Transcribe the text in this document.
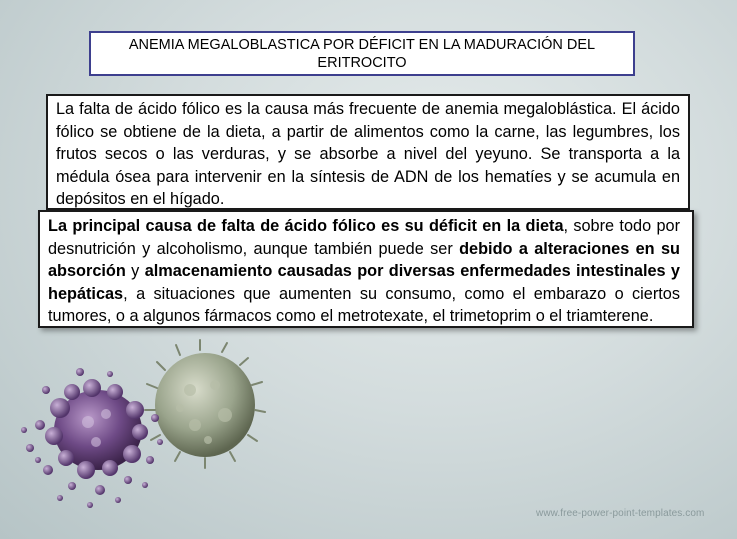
ANEMIA MEGALOBLASTICA POR DÉFICIT EN LA MADURACIÓN DEL ERITROCITO
La falta de ácido fólico es la causa más frecuente de anemia megaloblástica. El ácido fólico se obtiene de la dieta, a partir de alimentos como la carne, las legumbres, los frutos secos o las verduras, y se absorbe a nivel del yeyuno. Se transporta a la médula ósea para intervenir en la síntesis de ADN de los hematíes y se acumula en depósitos en el hígado.
La principal causa de falta de ácido fólico es su déficit en la dieta, sobre todo por desnutrición y alcoholismo, aunque también puede ser debido a alteraciones en su absorción y almacenamiento causadas por diversas enfermedades intestinales y hepáticas, a situaciones que aumenten su consumo, como el embarazo o ciertos tumores, o a algunos fármacos como el metrotexate, el trimetoprim o el triamterene.
www.free-power-point-templates.com
